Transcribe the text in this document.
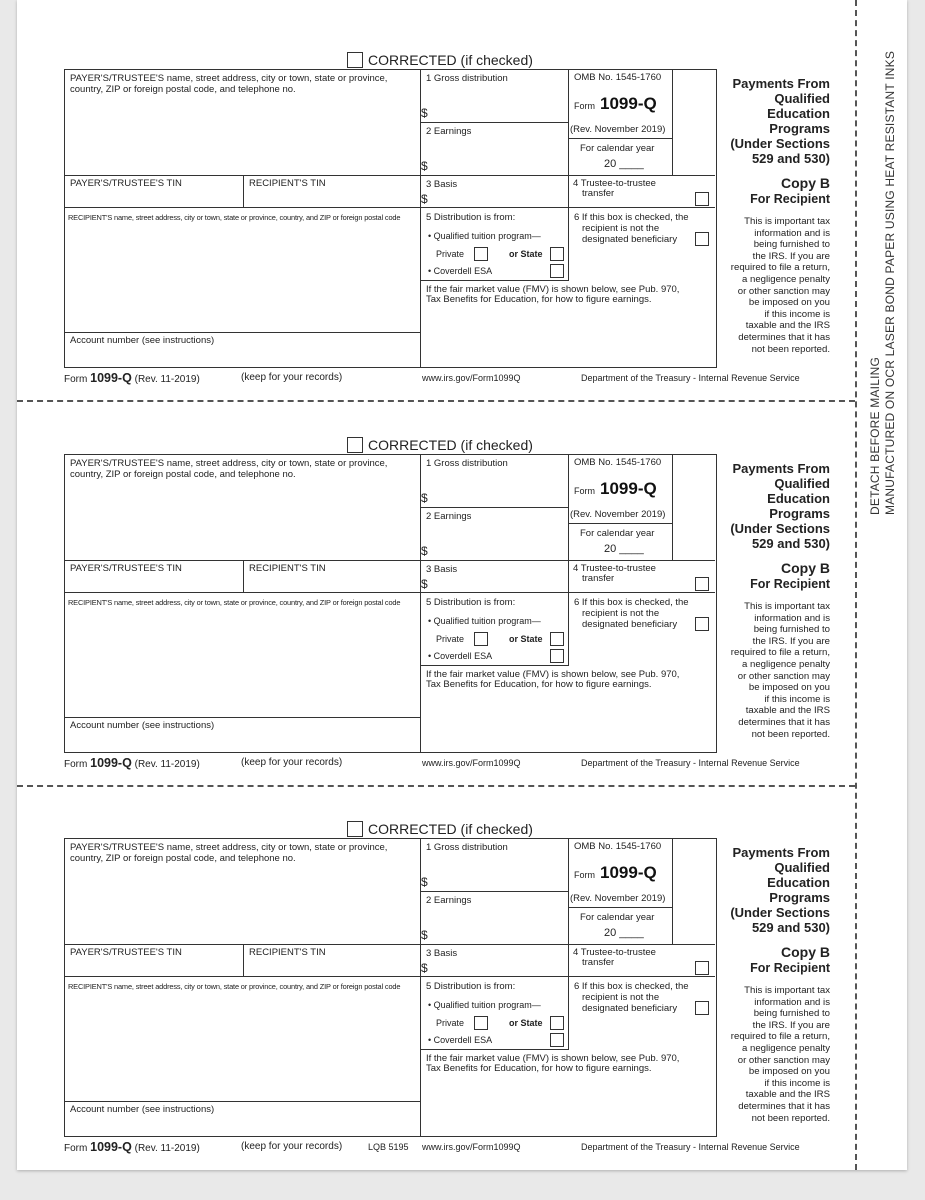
DETACH BEFORE MAILING MANUFACTURED ON OCR LASER BOND PAPER USING HEAT RESISTANT INKS
CORRECTED (if checked)
PAYER'S/TRUSTEE'S name, street address, city or town, state or province, country, ZIP or foreign postal code, and telephone no.
1 Gross distribution
$
2 Earnings
$
3 Basis
$
OMB No. 1545-1760
Form 1099-Q
(Rev. November 2019)
For calendar year
20 ____
Payments From
Qualified
Education
Programs
(Under Sections
529 and 530)
PAYER'S/TRUSTEE'S TIN	RECIPIENT'S TIN	4 Trustee-to-trustee
transfer
Copy B
For Recipient
RECIPIENT'S name, street address, city or town, state or province, country, and ZIP or foreign postal code	5 Distribution is from:
• Qualified tuition program—
Private	or State
• Coverdell ESA
6 If this box is checked, the
recipient is not the
designated beneficiary
If the fair market value (FMV) is shown below, see Pub. 970,
Tax Benefits for Education, for how to figure earnings.
This is important tax
information and is
being furnished to
the IRS. If you are
required to file a return,
a negligence penalty
or other sanction may
be imposed on you
if this income is
taxable and the IRS
determines that it has
not been reported.
Account number (see instructions)
Form 1099-Q (Rev. 11-2019)	(keep for your records)	www.irs.gov/Form1099Q	Department of the Treasury - Internal Revenue Service
CORRECTED (if checked)
PAYER'S/TRUSTEE'S name, street address, city or town, state or province, country, ZIP or foreign postal code, and telephone no.
1 Gross distribution
$
2 Earnings
$
3 Basis
$
OMB No. 1545-1760
Form 1099-Q
(Rev. November 2019)
For calendar year
20 ____
Payments From
Qualified
Education
Programs
(Under Sections
529 and 530)
PAYER'S/TRUSTEE'S TIN	RECIPIENT'S TIN	4 Trustee-to-trustee
transfer
Copy B
For Recipient
RECIPIENT'S name, street address, city or town, state or province, country, and ZIP or foreign postal code	5 Distribution is from:
• Qualified tuition program—
Private	or State
• Coverdell ESA
6 If this box is checked, the
recipient is not the
designated beneficiary
If the fair market value (FMV) is shown below, see Pub. 970,
Tax Benefits for Education, for how to figure earnings.
This is important tax
information and is
being furnished to
the IRS. If you are
required to file a return,
a negligence penalty
or other sanction may
be imposed on you
if this income is
taxable and the IRS
determines that it has
not been reported.
Account number (see instructions)
Form 1099-Q (Rev. 11-2019)	(keep for your records)	www.irs.gov/Form1099Q	Department of the Treasury - Internal Revenue Service
CORRECTED (if checked)
PAYER'S/TRUSTEE'S name, street address, city or town, state or province, country, ZIP or foreign postal code, and telephone no.
1 Gross distribution
$
2 Earnings
$
3 Basis
$
OMB No. 1545-1760
Form 1099-Q
(Rev. November 2019)
For calendar year
20 ____
Payments From
Qualified
Education
Programs
(Under Sections
529 and 530)
PAYER'S/TRUSTEE'S TIN	RECIPIENT'S TIN	4 Trustee-to-trustee
transfer
Copy B
For Recipient
RECIPIENT'S name, street address, city or town, state or province, country, and ZIP or foreign postal code	5 Distribution is from:
• Qualified tuition program—
Private	or State
• Coverdell ESA
6 If this box is checked, the
recipient is not the
designated beneficiary
If the fair market value (FMV) is shown below, see Pub. 970,
Tax Benefits for Education, for how to figure earnings.
This is important tax
information and is
being furnished to
the IRS. If you are
required to file a return,
a negligence penalty
or other sanction may
be imposed on you
if this income is
taxable and the IRS
determines that it has
not been reported.
Account number (see instructions)
Form 1099-Q (Rev. 11-2019)	(keep for your records)	LQB 5195 www.irs.gov/Form1099Q	Department of the Treasury - Internal Revenue Service
